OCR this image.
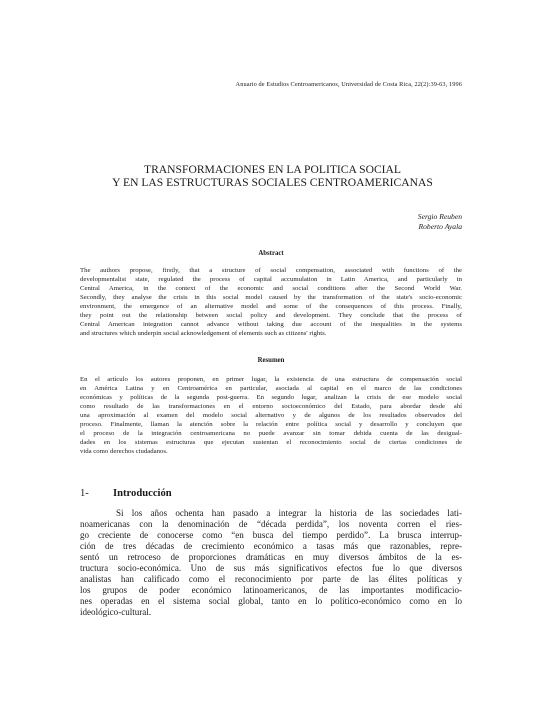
Anuario de Estudios Centroamericanos, Universidad de Costa Rica, 22(2):39-63, 1996
TRANSFORMACIONES EN LA POLITICA SOCIAL
Y EN LAS ESTRUCTURAS SOCIALES CENTROAMERICANAS
Sergio Reuben
Roberto Ayala
Abstract
The authors propose, firstly, that a structure of social compensation, associated with functions of the
developmentalist state, regulated the process of capital accumulation in Latin America, and particularly in
Central America, in the context of the economic and social conditions after the Second World War.
Secondly, they analyse the crisis in this social model caused by the transformation of the state's socio-economic
environment, the emergence of an alternative model and some of the consequences of this process. Finally,
they point out the relationship between social policy and development. They conclude that the process of
Central American integration cannot advance without taking due account of the inequalities in the systems
and structures which underpin social acknowledgement of elements such as citizens' rights.
Resumen
En el artículo los autores proponen, en primer lugar, la existencia de una estructura de compensación social
en América Latina y en Centroamérica en particular, asociada al capital en el marco de las condiciones
económicas y políticas de la segunda post-guerra. En segundo lugar, analizan la crisis de ese modelo social
como resultado de las transformaciones en el entorno socioeconómico del Estado, para abordar desde ahí
una aproximación al examen del modelo social alternativo y de algunos de los resultados observados del
proceso. Finalmente, llaman la atención sobre la relación entre política social y desarrollo y concluyen que
el proceso de la integración centroamericana no puede avanzar sin tomar debida cuenta de las desigual-
dades en los sistemas estructuras que ejecutan sustentan el reconocimiento social de ciertas condiciones de
vida como derechos ciudadanos.
1- Introducción
Si los años ochenta han pasado a integrar la historia de las sociedades lati-
noamericanas con la denominación de “década perdida”, los noventa corren el ries-
go creciente de conocerse como “en busca del tiempo perdido”. La brusca interrup-
ción de tres décadas de crecimiento económico a tasas más que razonables, repre-
sentó un retroceso de proporciones dramáticas en muy diversos ámbitos de la es-
tructura socio-económica. Uno de sus más significativos efectos fue lo que diversos
analistas han calificado como el reconocimiento por parte de las élites políticas y
los grupos de poder económico latinoamericanos, de las importantes modificacio-
nes operadas en el sistema social global, tanto en lo político-económico como en lo
ideológico-cultural.
